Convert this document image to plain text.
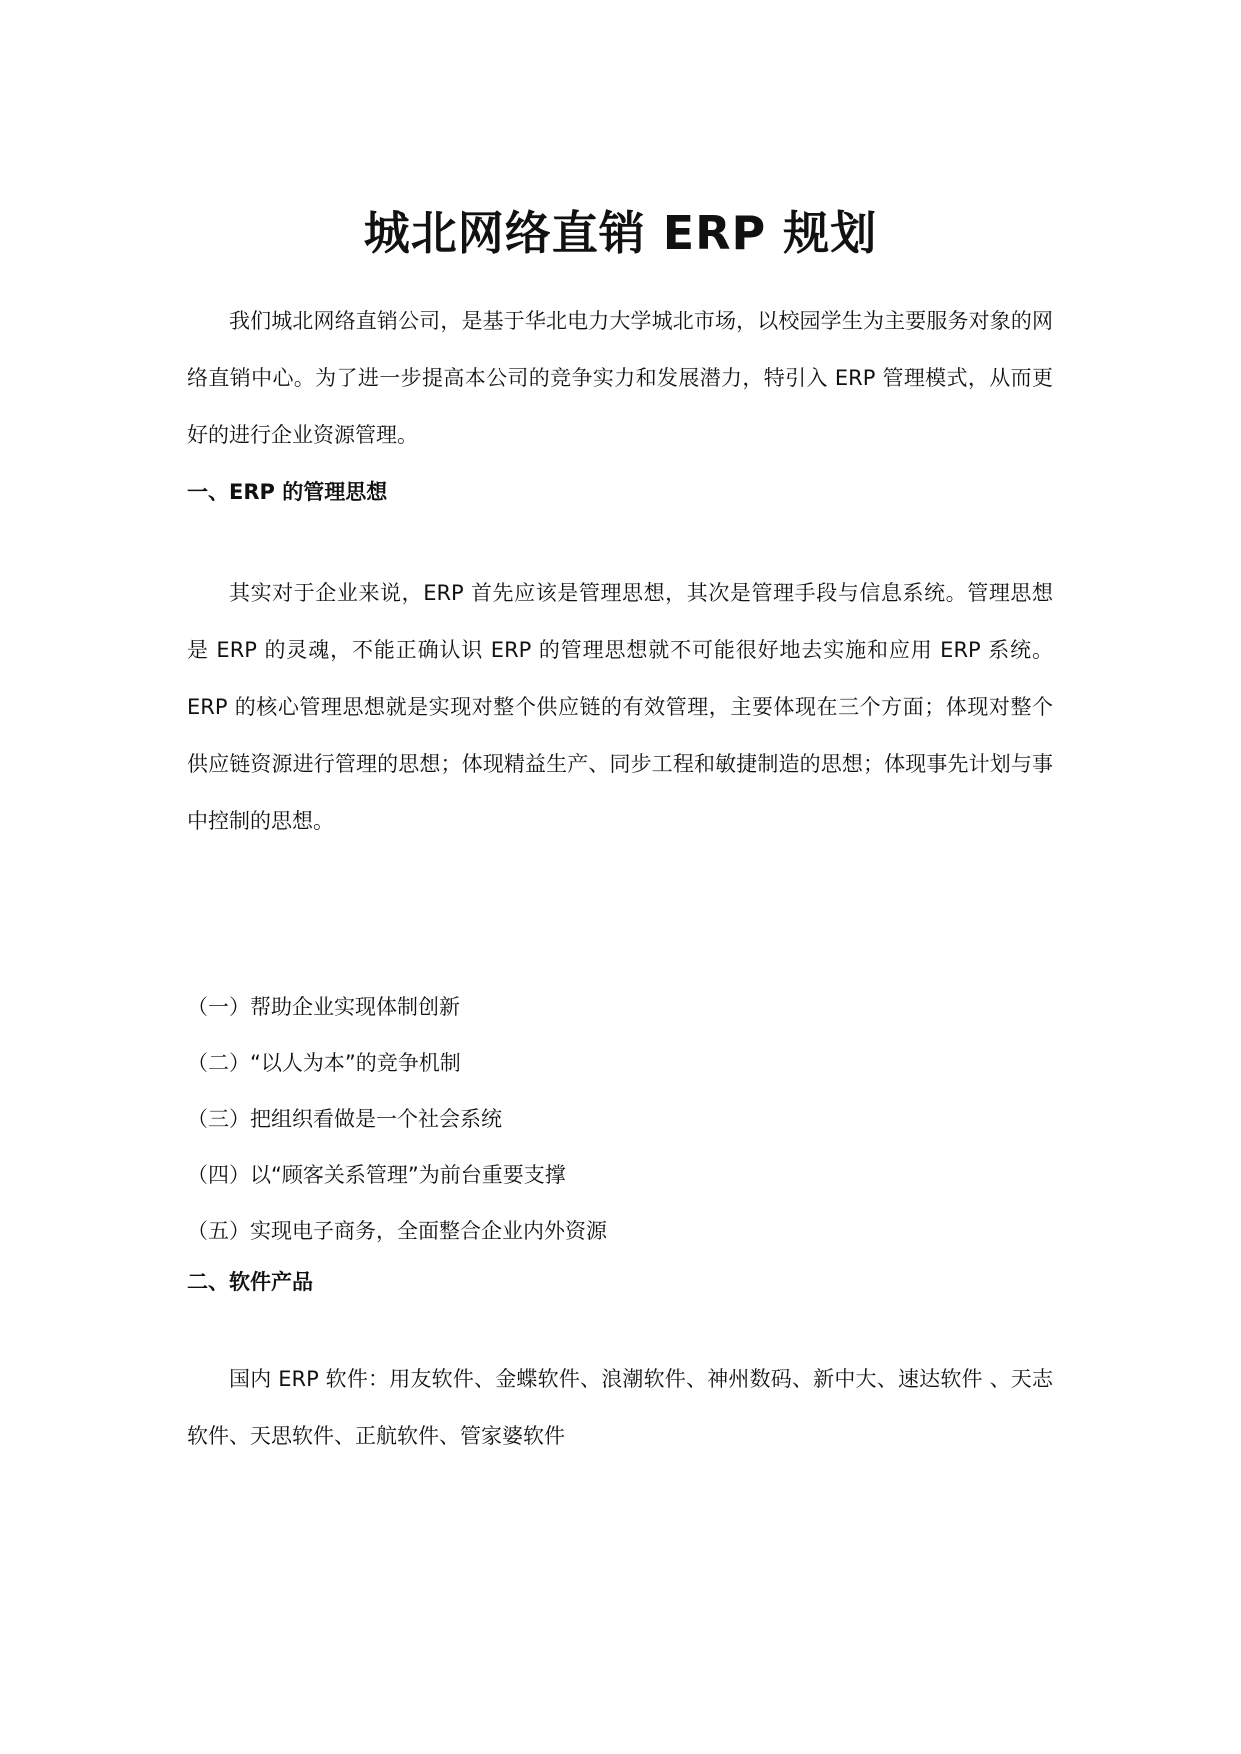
城北网络直销 ERP 规划

我们城北网络直销公司，是基于华北电力大学城北市场，以校园学生为主要服务对象的网络直销中心。为了进一步提高本公司的竞争实力和发展潜力，特引入 ERP 管理模式，从而更好的进行企业资源管理。

一、ERP 的管理思想

其实对于企业来说，ERP 首先应该是管理思想，其次是管理手段与信息系统。管理思想是 ERP 的灵魂，不能正确认识 ERP 的管理思想就不可能很好地去实施和应用 ERP 系统。ERP 的核心管理思想就是实现对整个供应链的有效管理，主要体现在三个方面；体现对整个供应链资源进行管理的思想；体现精益生产、同步工程和敏捷制造的思想；体现事先计划与事中控制的思想。

（一）帮助企业实现体制创新
（二）“以人为本”的竞争机制
（三）把组织看做是一个社会系统
（四）以“顾客关系管理”为前台重要支撑
（五）实现电子商务，全面整合企业内外资源
二、软件产品

国内 ERP 软件：用友软件、金蝶软件、浪潮软件、神州数码、新中大、速达软件 、天志软件、天思软件、正航软件、管家婆软件
